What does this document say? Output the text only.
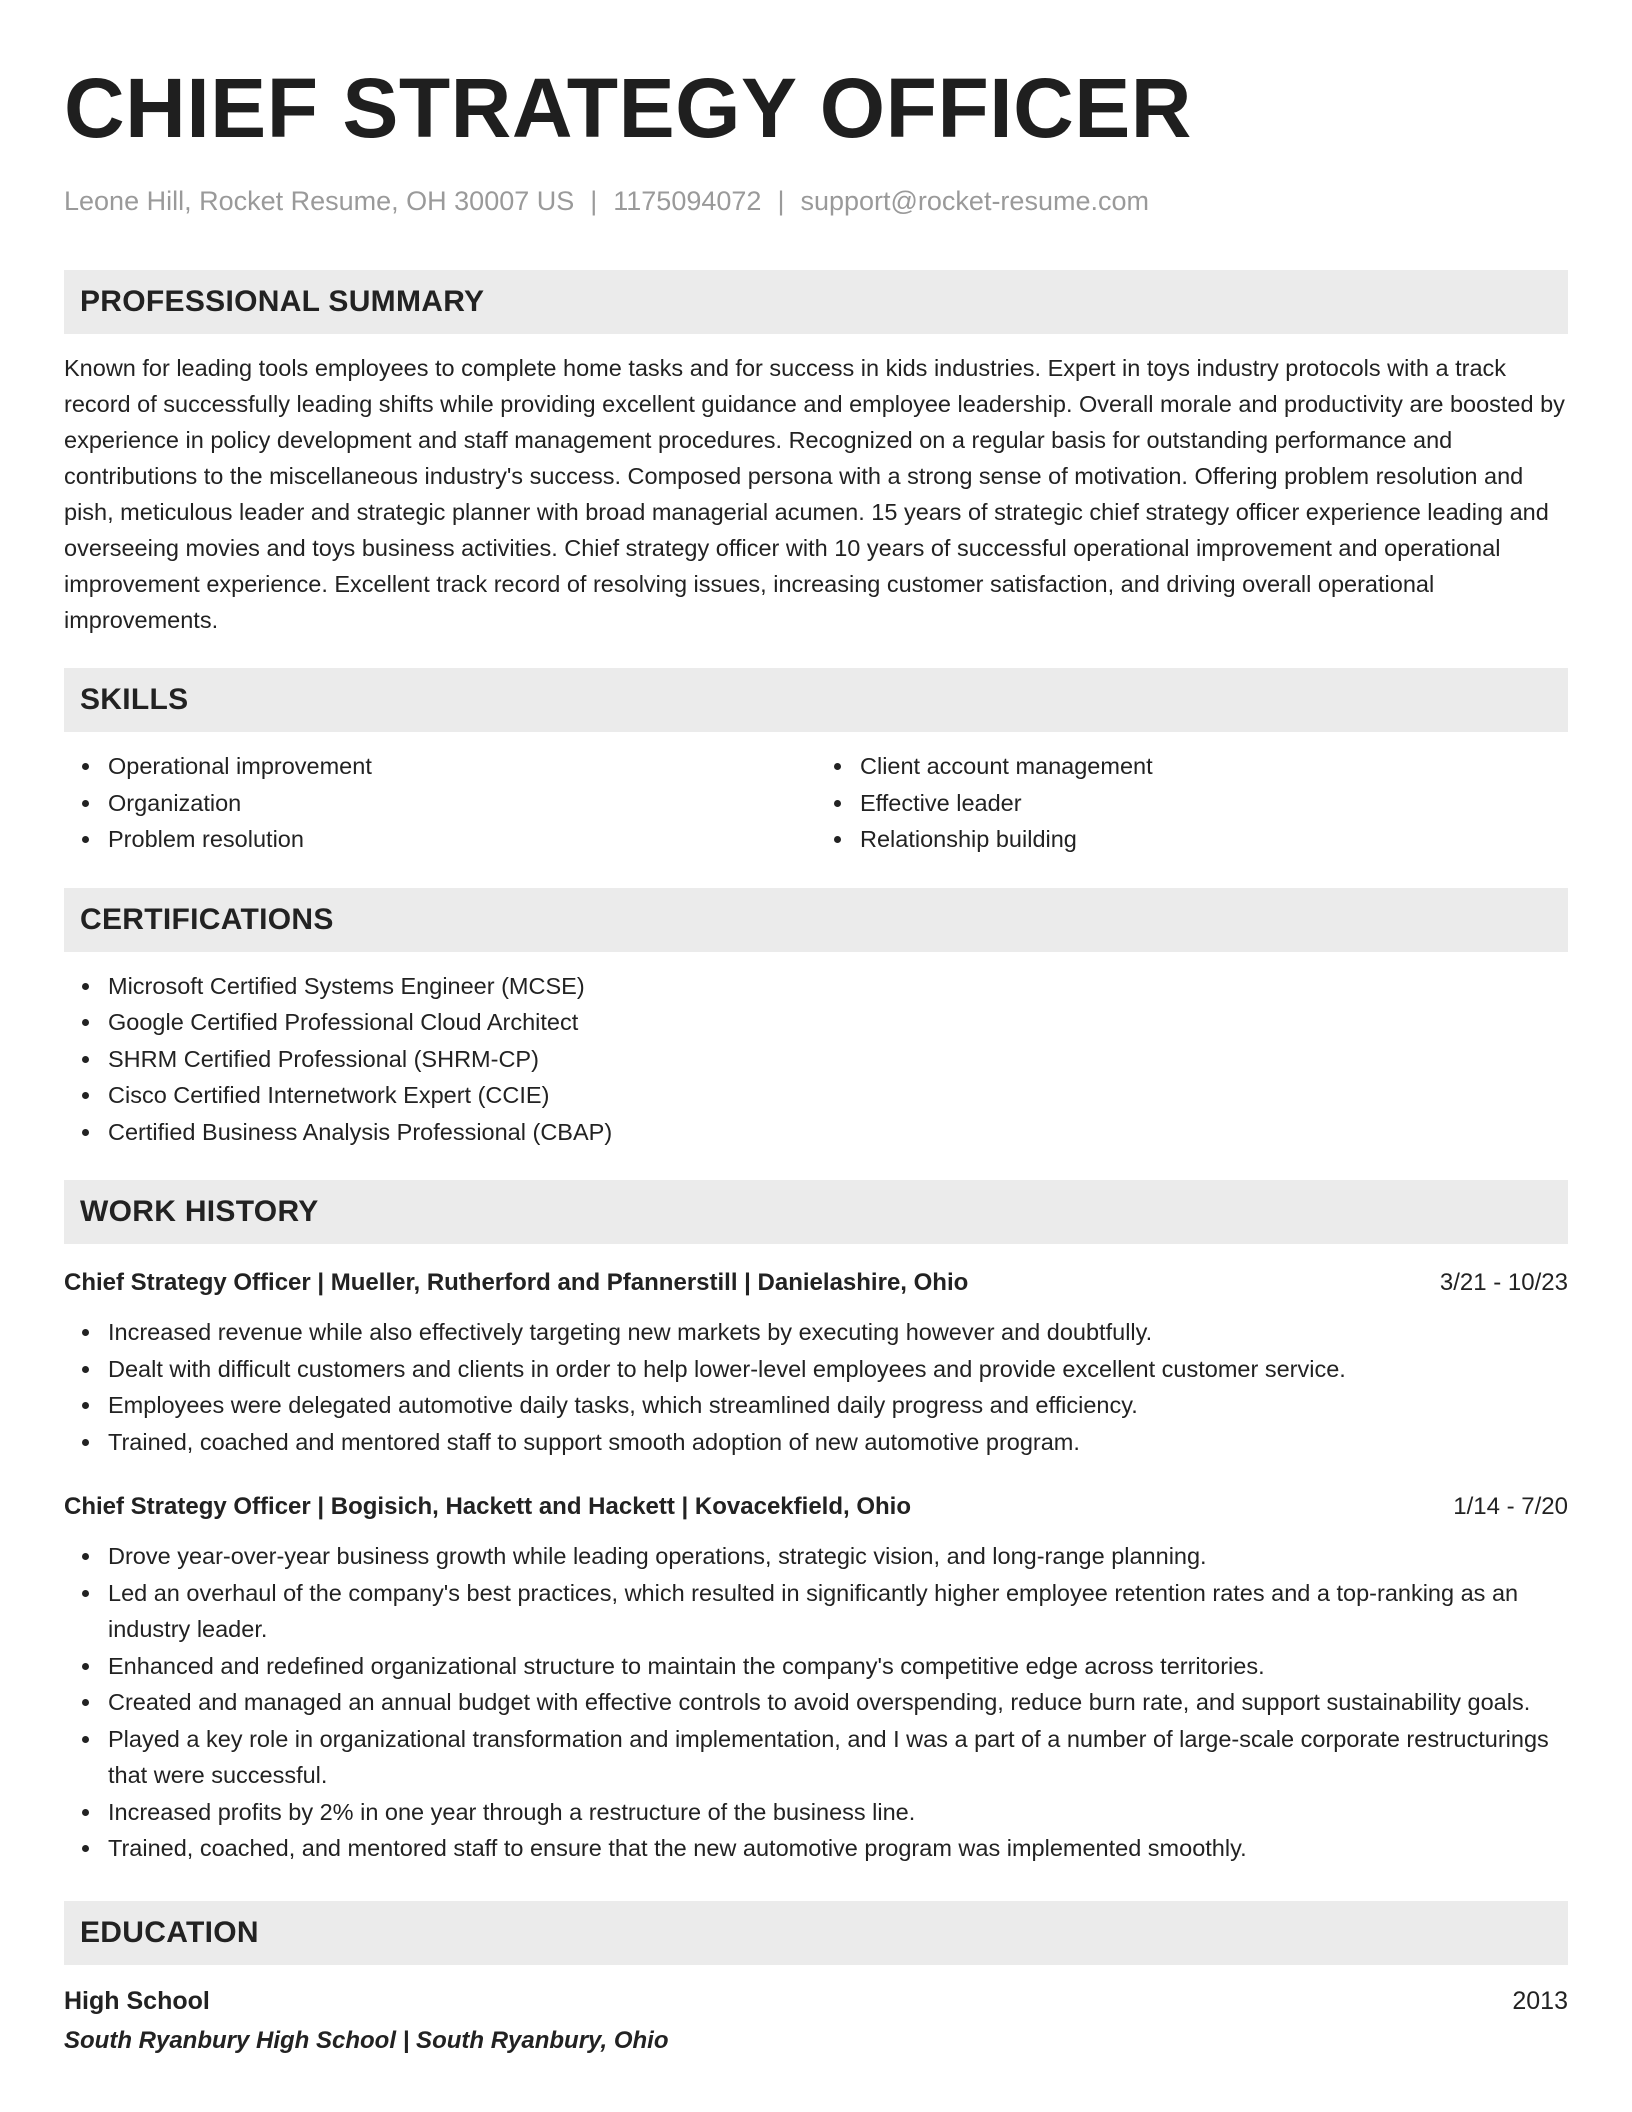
CHIEF STRATEGY OFFICER
Leone Hill, Rocket Resume, OH 30007 US | 1175094072 | support@rocket-resume.com
PROFESSIONAL SUMMARY

Known for leading tools employees to complete home tasks and for success in kids industries. Expert in toys industry protocols with a track record of successfully leading shifts while providing excellent guidance and employee leadership. Overall morale and productivity are boosted by experience in policy development and staff management procedures. Recognized on a regular basis for outstanding performance and contributions to the miscellaneous industry's success. Composed persona with a strong sense of motivation. Offering problem resolution and pish, meticulous leader and strategic planner with broad managerial acumen. 15 years of strategic chief strategy officer experience leading and overseeing movies and toys business activities. Chief strategy officer with 10 years of successful operational improvement and operational improvement experience. Excellent track record of resolving issues, increasing customer satisfaction, and driving overall operational improvements.

SKILLS
Operational improvement
Organization
Problem resolution
Client account management
Effective leader
Relationship building
CERTIFICATIONS
Microsoft Certified Systems Engineer (MCSE)
Google Certified Professional Cloud Architect
SHRM Certified Professional (SHRM-CP)
Cisco Certified Internetwork Expert (CCIE)
Certified Business Analysis Professional (CBAP)
WORK HISTORY
Chief Strategy Officer | Mueller, Rutherford and Pfannerstill | Danielashire, Ohio	3/21 - 10/23
Increased revenue while also effectively targeting new markets by executing however and doubtfully.
Dealt with difficult customers and clients in order to help lower-level employees and provide excellent customer service.
Employees were delegated automotive daily tasks, which streamlined daily progress and efficiency.
Trained, coached and mentored staff to support smooth adoption of new automotive program.
Chief Strategy Officer | Bogisich, Hackett and Hackett | Kovacekfield, Ohio	1/14 - 7/20
Drove year-over-year business growth while leading operations, strategic vision, and long-range planning.
Led an overhaul of the company's best practices, which resulted in significantly higher employee retention rates and a top-ranking as an industry leader.
Enhanced and redefined organizational structure to maintain the company's competitive edge across territories.
Created and managed an annual budget with effective controls to avoid overspending, reduce burn rate, and support sustainability goals.
Played a key role in organizational transformation and implementation, and I was a part of a number of large-scale corporate restructurings that were successful.
Increased profits by 2% in one year through a restructure of the business line.
Trained, coached, and mentored staff to ensure that the new automotive program was implemented smoothly.
EDUCATION
High School	2013
South Ryanbury High School | South Ryanbury, Ohio
